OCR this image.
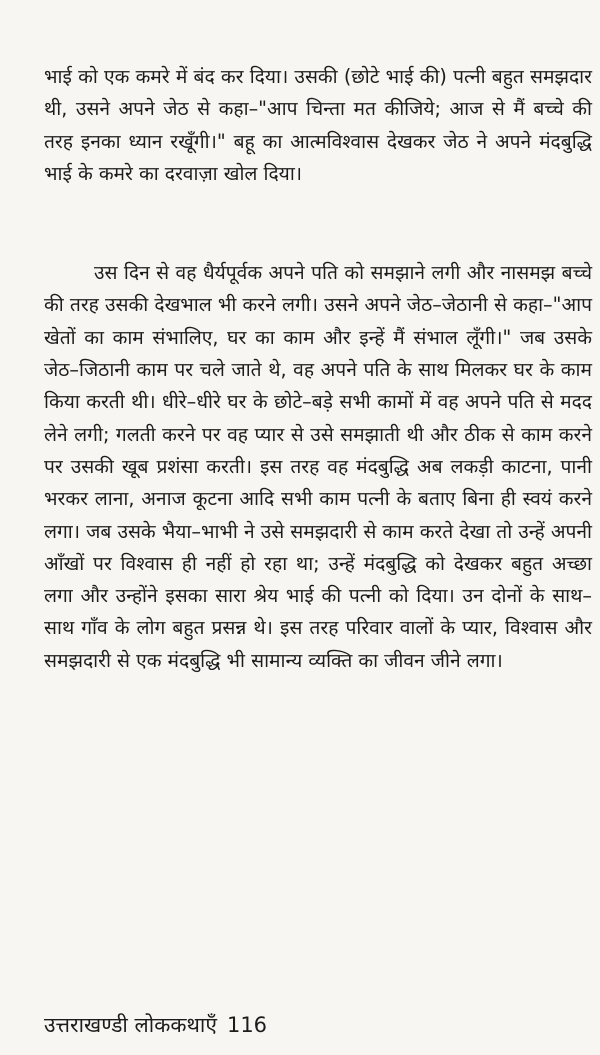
भाई को एक कमरे में बंद कर दिया। उसकी (छोटे भाई की) पत्नी बहुत समझदार थी, उसने अपने जेठ से कहा–"आप चिन्ता मत कीजिये; आज से मैं बच्चे की तरह इनका ध्यान रखूँगी।" बहू का आत्मविश्वास देखकर जेठ ने अपने मंदबुद्धि भाई के कमरे का दरवाज़ा खोल दिया।

उस दिन से वह धैर्यपूर्वक अपने पति को समझाने लगी और नासमझ बच्चे की तरह उसकी देखभाल भी करने लगी। उसने अपने जेठ–जेठानी से कहा–"आप खेतों का काम संभालिए, घर का काम और इन्हें मैं संभाल लूँगी।" जब उसके जेठ–जिठानी काम पर चले जाते थे, वह अपने पति के साथ मिलकर घर के काम किया करती थी। धीरे–धीरे घर के छोटे–बड़े सभी कामों में वह अपने पति से मदद लेने लगी; गलती करने पर वह प्यार से उसे समझाती थी और ठीक से काम करने पर उसकी खूब प्रशंसा करती। इस तरह वह मंदबुद्धि अब लकड़ी काटना, पानी भरकर लाना, अनाज कूटना आदि सभी काम पत्नी के बताए बिना ही स्वयं करने लगा। जब उसके भैया–भाभी ने उसे समझदारी से काम करते देखा तो उन्हें अपनी आँखों पर विश्वास ही नहीं हो रहा था; उन्हें मंदबुद्धि को देखकर बहुत अच्छा लगा और उन्होंने इसका सारा श्रेय भाई की पत्नी को दिया। उन दोनों के साथ–साथ गाँव के लोग बहुत प्रसन्न थे। इस तरह परिवार वालों के प्यार, विश्वास और समझदारी से एक मंदबुद्धि भी सामान्य व्यक्ति का जीवन जीने लगा।

उत्तराखण्डी लोककथाएँ 116
